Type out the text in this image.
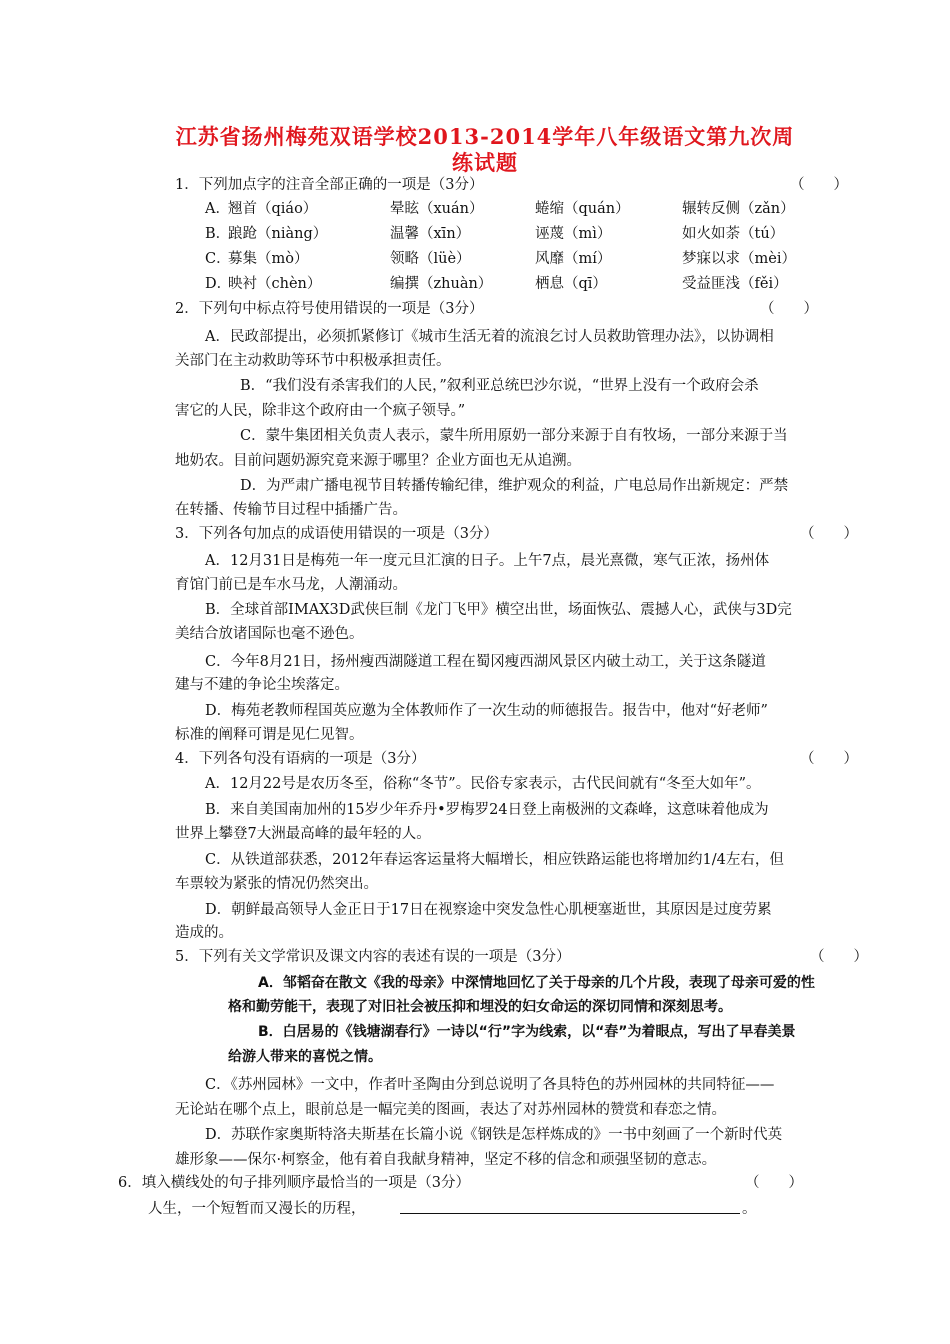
江苏省扬州梅苑双语学校2013-2014学年八年级语文第九次周
练试题
1．下列加点字的注音全部正确的一项是（3分）	（　　）
A．
翘首（qiáo）	晕眩（xuán）	蜷缩（quán）	辗转反侧（zǎn）
B．
踉跄（niàng）	温馨（xīn）	诬蔑（mì）	如火如荼（tú）
C．
募集（mò）	领略（lüè）	风靡（mí）	梦寐以求（mèi）
D．
映衬（chèn）	编撰（zhuàn）	栖息（qī）	受益匪浅（fěi）
2．下列句中标点符号使用错误的一项是（3分）	（　　）
A．民政部提出，必须抓紧修订《城市生活无着的流浪乞讨人员救助管理办法》，以协调相
关部门在主动救助等环节中积极承担责任。
B．“我们没有杀害我们的人民，”叙利亚总统巴沙尔说，“世界上没有一个政府会杀
害它的人民，除非这个政府由一个疯子领导。”
C．蒙牛集团相关负责人表示，蒙牛所用原奶一部分来源于自有牧场，一部分来源于当
地奶农。目前问题奶源究竟来源于哪里？企业方面也无从追溯。
D．为严肃广播电视节目转播传输纪律，维护观众的利益，广电总局作出新规定：严禁
在转播、传输节目过程中插播广告。
3．下列各句加点的成语使用错误的一项是（3分）	（　　）
A．12月31日是梅苑一年一度元旦汇演的日子。上午7点，晨光熹微，寒气正浓，扬州体
育馆门前已是车水马龙，人潮涌动。
B．全球首部IMAX3D武侠巨制《龙门飞甲》横空出世，场面恢弘、震撼人心，武侠与3D完
美结合放诸国际也毫不逊色。
C．今年8月21日，扬州瘦西湖隧道工程在蜀冈瘦西湖风景区内破土动工，关于这条隧道
建与不建的争论尘埃落定。
D．梅苑老教师程国英应邀为全体教师作了一次生动的师德报告。报告中，他对“好老师”
标准的阐释可谓是见仁见智。
4．下列各句没有语病的一项是（3分）	（　　）
A．12月22号是农历冬至，俗称“冬节”。民俗专家表示，古代民间就有“冬至大如年”。
B．来自美国南加州的15岁少年乔丹•罗梅罗24日登上南极洲的文森峰，这意味着他成为
世界上攀登7大洲最高峰的最年轻的人。
C．从铁道部获悉，2012年春运客运量将大幅增长，相应铁路运能也将增加约1/4左右，但
车票较为紧张的情况仍然突出。
D．朝鲜最高领导人金正日于17日在视察途中突发急性心肌梗塞逝世，其原因是过度劳累
造成的。
5．下列有关文学常识及课文内容的表述有误的一项是（3分）	（　　）
A．邹韬奋在散文《我的母亲》中深情地回忆了关于母亲的几个片段，表现了母亲可爱的性
格和勤劳能干，表现了对旧社会被压抑和埋没的妇女命运的深切同情和深刻思考。
B．白居易的《钱塘湖春行》一诗以“行”字为线索，以“春”为着眼点，写出了早春美景
给游人带来的喜悦之情。
C．《苏州园林》一文中，作者叶圣陶由分到总说明了各具特色的苏州园林的共同特征——
无论站在哪个点上，眼前总是一幅完美的图画，表达了对苏州园林的赞赏和春恋之情。
D．苏联作家奥斯特洛夫斯基在长篇小说《钢铁是怎样炼成的》一书中刻画了一个新时代英
雄形象——保尔·柯察金，他有着自我献身精神，坚定不移的信念和顽强坚韧的意志。
6．填入横线处的句子排列顺序最恰当的一项是（3分）	（　　）
人生，一个短暂而又漫长的历程，	。
